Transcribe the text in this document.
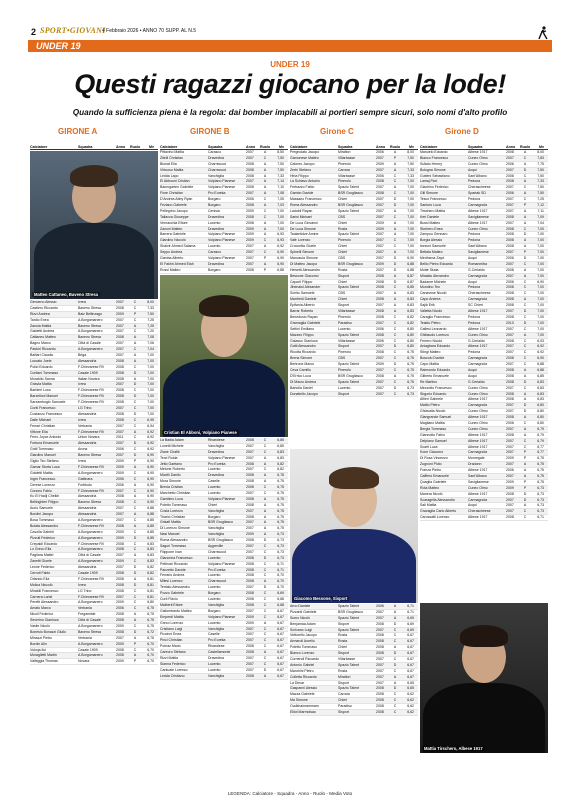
2 SPORT•GIOVANI
4 Febbraio 2026 • ANNO 70 SUPP. AL N.5
UNDER 19
UNDER 19
Questi ragazzi giocano per la lode!
Quando la sufficienza piena è la regola: dai bomber implacabili ai portieri sempre sicuri, solo nomi d'alto profilo
GIRONE A	GIRONE B	Girone C	Girone D
Calciatore	Squadra	Anno	Ruolo	Mv
Matteo Cattaneo, Baveno Stresa
Genoeno Alessio	Ivrea	2007	C	8,00
Castiero Riccardo	Baveno Stresa	2008	C	7,33
Rizzi Andrea	Baiz Bellinzago	2009	P	7,50
Tardio Enea	A.Borgomanero	2007	C	7,25
Zanoia Mattia	Baveno Stresa	2007	A	7,25
Gaidetti Andrea	A.Borgomanero	2007	C	7,20
Cattaneo Matteo	Baveno Stresa	2008	A	7,08
Bagno Marco	Città di Casale	2007	A	7,06
Pastori Riccardo	A.Borgomanero	2007	C	7,04
Balliari Claudio	Briga	2007	A	7,00
Luccato Joele	Alessandria	2008	A	7,00
Polizi Edoardo	F.Chievarese RV	2008	C	7,00
Cortiani Tommaso	Casale 1909	2008	D	7,00
Morabito Sanna	Italian Novara	2008	A	7,00
Griavia Mattia	Ivrea	2007	D	7,00
Barbieri Luca	F.Chievarese RV	2008	C	7,00
Barzelloni Manuel	F.Chievarese RV	2008	D	7,00
Sarzamboglo Samuele	F.Chievarese RV	2008	C	7,00
Conti Francesco	LG Trino	2007	C	7,00
Costanzo Francesco	Alessandria	2008	D	7,00
Dalle Michael	Ivrea	2008	C	6,95
Ferrari Christian	Verbania	2007	C	6,94
Vittone Elia	F.Chievarese RV	2007	A	6,92
Ferro Joyce Antonio	Union Novara	2011	C	6,92
Fortuna Emanuele	Alessandria	2007	D	6,92
Gotti Tommaso	Arona	2006	C	6,92
Giardino Manuel	Baveno Stresa	2007	D	6,90
Giglio Teo Stefano	Ivrea	2009	P	6,90
Gamar Storta Luca	F.Chievarese RV	2009	A	6,90
Guidetti Mattia	A.Borgomanero	2009	C	6,90
Ingrò Francesco	Gattinara	2006	C	6,90
Cerese Lorenzo	Fortitudo	2006	A	6,90
Conceo Fabio	F.Chievarese RV	2007	C	6,90
Ku El Hadji Cheikh	Alessandria	2008	A	6,90
Bellinghieri Filippo	Baveno Stresa	2008	C	6,90
Aurio Samuele	Alessandria	2007	C	6,88
Bordini Jacopo	Alessandria	2007	A	6,88
Bosa Tommaso	A.Borgomanero	2007	C	6,85
Bulata Alessandro	F.Chievarese RV	2008	A	6,85
Cavolla Gabriel	A.Borgomanero	2009	C	6,85
Pizzuti Federico	A.Borgomanero	2009	D	6,85
Crepaldi Edoardo	F.Chievarese RV	2008	C	6,83
Lo Greco Elia	A.Borgomanero	2008	C	6,83
Pagliara Mattei	Città di Casale	2007	A	6,83
Zanetti Gioele	A.Borgomanero	2009	C	6,83
Leone Federico	Alessandria	2007	D	6,82
Cerruti Fabio	Casale 1909	2008	D	6,82
Orlando Elia	F.Chievarese RV	2008	A	6,81
Molica Niccolò	Ivrea	2008	D	6,81
Mirabili Francesco	LG Trino	2008	C	6,81
Carnera Lorist	F.Chievarese RV	2007	C	6,81
Peretti Alessandro	A.Borgomanero	2009	C	6,80
Amato Marco	Verbania	2006	C	6,75
Nicoli Federico	Fregamiste	2008	A	6,75
Severino Gianluca	Città di Casale	2008	A	6,75
Vasile Nicolò	A.Borgomanero	2009	C	6,75
Bonesio Bonazzi Giulio	Baveno Stresa	2008	D	6,72
Minazzi Pietro	Verbania	2007	A	6,75
Bordin Alin	A.Borgomanero	2009	P	6,70
Vukoja Ilui	Casale 1909	2008	C	6,70
Moraglietti Martin	A.Borgomanero	2008	A	6,70
Valleggia Thomas	Novara	2009	P	6,70
Calciatore	Squadra	Anno	Ruolo	Mv
Pittavino Mattia	Carasco	2007	A	8,50
Zitelli Christian	Dravedina	2007	C	7,50
Bionat Elia	Charnwood	2008	A	7,50
Virtuoso Mattia	Charnwood	2008	A	7,50
Ledda Lapo	Vanchiglia	2008	A	7,33
El Abbouni Cristian	Volpiano Pianese	2007	A	7,14
Baumgarten Gabriele	Volpiano Pianese	2008	A	7,10
Fiore Christian	Pro Eureka	2007	A	7,08
D'Andrea Abby Ryan	Borgaro	2006	C	7,05
Feziano Gabriele	Borgaro	2008	A	7,03
Pellegrino Jacopo	Cenisia	2009	C	7,00
Taliacca Giuseppe	Dravedina	2008	C	7,00
Vernacchia Ettore	Lucento	2008	A	7,00
Zanoni Matteo	Dravedina	2009	A	7,00
Barrera Gabriele	Volpiano Pianese	2009	A	6,93
Giardino Niccolò	Volpiano Pianese	2009	C	6,93
Shalvir Ahmed Salama	Lucento	2007	A	6,92
Seppo Andrea	Carasco	2007	C	6,90
Gamba Alberto	Volpiano Pianese	2007	P	6,90
El Fakhri Ahmed Elah	Dravedina	2007	A	6,90
Rossi Matteo	Borgaro	2008	P	6,88
Cristian El Abboni, Volpiano Pianese
La Badia Adam	Rivarolese	2008	C	6,85
Lonetti Michele	Vanchiglia	2007	C	6,85
Ziane Chafik	Dravedina	2007	C	6,83
Terzi Rolda	Volpiano Pianese	2007	A	6,83
Jetto Gaetano	Pro Eureka	2008	A	6,82
Melone Roberto	Lucento	2007	C	6,82
Micelli Danilo	Dravedina	2008	A	6,78
Mora Simone	Caselle	2008	A	6,75
Brecia Cristian	Lucento	2008	C	6,75
Marchetto Christian	Lucento	2007	C	6,75
Gambino Luca	Volpiano Pianese	2008	A	6,75
Poletto Tommaso	Chieri	2008	A	6,75
Costa Lorenzo	Vanchiglia	2007	A	6,75
Triarici Christian	Borgaro	2008	A	6,75
Grisafi Mattia	BSR Grugliasco	2007	A	6,75
Di Lorenzo Simone	Vanchiglia	2007	A	6,75
Nasi Manuel	Vanchiglia	2009	A	6,73
Roma Alessandro	BSR Grugliasco	2008	D	6,73
Saguri Tommaso	Aygreville	2007	C	6,73
Filippone Ivan	Charnwood	2007	C	6,73
Gianonna Francesco	Lucento	2008	D	6,73
Pettinari Riccardo	Volpiano Pianese	2008	C	6,71
Panzetto Davide	Pro Eureka	2008	C	6,71
Ferrario Andrea	Lucento	2008	C	6,70
Milesi Lorenzo	Charnwood	2008	A	6,70
Tentato Alessandro	Lucento	2007	D	6,70
Pozzo Gabriele	Borgaro	2008	C	6,69
Curti Flavio	Lucento	2008	C	6,68
Malberti Ettore	Vanchiglia	2008	C	6,68
Gallombardo Matteo	Borgaro	2007	C	6,67
Emperdi Mattia	Volpiano Pianese	2009	C	6,67
Greco Lorenzo	Lucento	2009	A	6,67
Cristiano Luigi	Vanchiglia	2007	C	6,67
Piccinni Enea	Caselle	2007	C	6,67
Pinci Christian	Pro Eureka	2007	C	6,67
Pomaz Mario	Rivarolese	2008	C	6,67
Careoro Stefano	Castellamonte	2008	A	6,67
Rizzi Mattia	Dravedina	2007	C	6,67
Sianna Federico	Lucento	2007	C	6,67
Cantuale Lorenzo	Lucento	2007	D	6,67
Ledda Cristiano	Vanchiglia	2008	A	6,67
Calciatore	Squadra	Anno	Ruolo	Mv
Pregnolato Jacopo	Mirafiori	2006	A	8,00
Gamonese Matteo	Villarbasse	2007	P	7,50
Caloreo Jacopo	Pinerolo	2009	A	7,50
Zerbi Stefano	Carrara	2007	A	7,33
Hirta Filippo	Villarbasse	2006	C	7,33
La Schiavo Antonio	Pinerolo	2008	C	7,00
Ferbazzo Fabio	Spazio Talent	2007	A	7,00
Gambo Davide	BSR Grugliasco	2008	C	7,00
Massano Francesco	Chieri	2007	D	7,00
Roma Alessandro	BSR Grugliasco	2007	D	7,00
Ladubli Rayan	Spazio Talent	2007	A	7,00
Sarisi Michael	CBS	2007	C	7,00
De Luca Giovanni	Chieri	2009	A	7,00
De Luca Simone	Rosta	2009	A	7,00
Taulantidze Amine	Spazio Talent	2007	A	7,00
Valè Lorenzo	Pinerolo	2007	C	7,00
Croccetta Gioele	Chieri	2007	C	7,00
Spinelli Simone	Chieri	2007	A	7,00
Manuscia Simone	CBS	2007	D	6,90
Di Matteo Jacopo	BSR Grugliasco	2009	D	6,88
Helsetti Alessandro	Rosta	2007	D	6,88
Bessone Giacomo	Sisport	2008	A	6,87
Caporil Filippo	Chieri	2008	D	6,87
Jihenaiul Alexander	Spazio Talent	2008	C	6,85
Schito Samuele	CBS	2007	A	6,83
Manfredi Daniele	Chieri	2008	A	6,83
Epifania Alberto	Sisport	2007	A	6,83
Barrar Roberto	Villarbasse	2008	A	6,83
Benedusio Rayan	Pinerolo	2008	C	6,82
Gramaglia Gabriele	Paradiso	2007	C	6,82
Settini Emiliano	Lucento	2006	C	6,80
Mazzeo Filippo	Spazio Talent	2008	C	6,80
Galasso Gianluca	Villarbasse	2006	C	6,80
Gotti Alessandro	Sisport	2007	D	6,80
Ricotta Riccardo	Pinerolo	2008	C	6,75
Brena Simone	CBS	2007	C	6,75
Bertrone Marco	Spazio Talent	2009	D	6,75
Ceva Camillo	Pinerolo	2007	C	6,75
D'Errico Luca	BSR Grugliasco	2008	A	6,75
Di Marzo Andrea	Spazio Talent	2007	C	6,75
Bartolla Daniel	Lucento	2007	D	6,73
Donatiello Jacopo	Sisport	2007	C	6,73
Giacomo Bessone, Sisport
Arno Daniele	Spazio Talent	2006	A	6,71
Pizzanti Gabriele	BSR Grugliasco	2007	A	6,71
Sumo Nicolò	Spazio Talent	2007	A	6,69
Benjamaa Adam	Sisport	2008	D	6,69
Scrivano Luigi	Spazio Talent	2007	C	6,69
Vettorello Jacopo	Rosta	2008	C	6,67
Armaroli Aurelio	Rosta	2008	C	6,67
Poletto Tommaso	Chieri	2008	A	6,67
Bianco Lorenzo	Sisport	2008	D	6,67
Cornendi Riccardo	Villarbasse	2007	C	6,67
Antonio Gabriel	Spazio Talent	2007	D	6,67
Mandrini Pietro	Rosta	2007	C	6,67
Colletta Riccardo	Mirafiori	2007	A	6,67
La Dimar	Sisport	2007	A	6,65
Gaspanni Alessio	Spazio Talent	2008	D	6,65
Mazza Gabriele	Carrara	2008	C	6,62
Ma Simone	Chieri	2008	C	6,62
Oudkhainrammam	Paradiso	2008	C	6,62
Elliot Marmolsao	Sisport	2008	C	6,62
Calciatore	Squadra	Anno	Ruolo	Mv
Manuelo Edoardo	Albese 1917	2008	A	8,00
Bianco Francesco	Cuneo Olmo	2007	C	7,83
Sultalo Henrry	Cuneo Olmo	2006	A	7,75
Bologna Simone	Acqui	2007	D	7,50
Gutteni Sebastiano	Sant'Albano	2006	C	7,50
Lamaj Flori	Pedona	2008	A	7,33
Giachino Federico	Cherascheese	2007	C	7,50
Gill Simone	Spartak SD	2006	A	7,50
Tesco Francesco	Pedona	2007	C	7,25
Santoro Luca	Carmagnola	2007	P	7,12
Tirschero Mattia	Albese 1917	2007	A	7,11
Keri Daniele	Savigliamese	2008	A	7,09
Bussi Matteo	Albese 1917	2007	A	7,04
Storbero Enea	Cuneo Olmo	2008	C	7,00
Zampou Gennaro	Pedona	2008	D	7,00
Borgia Alessio	Pedona	2008	A	7,00
Iezzuni Samuele	Sant'Albano	2008	A	7,00
Bettala Matteo	Savigliamese	2007	P	7,00
Medhsma Zayd	Acqui	2006	D	7,00
Bellio Pietro Edoardo	Romanmitra	2007	C	7,00
Motte Skala	G.Cerialdo	2008	A	7,00
Minaldo Alexandru	Carmagnola	2007	A	7,00
Badame Michele	Acqui	2006	C	6,90
Mondino Teo	Pedona	2008	C	7,00
Canavese Nicolò	Cherascheese	2008	C	7,00
Capo Andrea	Carmagnola	2008	A	7,00
Sajib Erik	SC Chieri	2008	C	7,00
Valletta Nicolò	Albese 1917	2007	D	7,00
Caraglio Francesco	Pedona	2008	C	7,00
Tealdo Pietro	Pedona	2010	D	7,00
Gallesi Leonardo	Albese 1917	2007	C	7,00
Ghibaudo Lorenzo	Cuneo Olmo	2007	A	7,00
Ferrero Nicolò	G.Cerialdo	2008	C	6,93
Aniagbara Edoardo	Albese 1917	2007	C	6,92
Stingi Matteo	Pedona	2007	C	6,92
Boscolo Davide	Carmagnola	2008	C	6,90
Capo Mattia	Carmagnola	2007	C	6,88
Raimondo Edoardo	Acqui	2008	A	6,88
Gilberto Emanuele	Acqui	2008	A	6,85
Re Martino	G.Cerialdo	2008	D	6,83
Mezzotto Francesco	Cuneo Olmo	2007	C	6,83
Sbgorlo Edoardo	Cuneo Olmo	2008	A	6,83
Alfieri Gabriele	Albese 1917	2008	A	6,83
Mattio Pietro	Carmagnola	2007	D	6,80
Ghiavalla Nicolò	Cuneo Olmo	2007	D	6,80
Giangrande Samuel	Albese 1917	2008	A	6,80
Magliano Mattia	Cuneo Olmo	2006	C	6,80
Bergia Tommaso	Cuneo Olmo	2007	A	6,79
Giannotto Fabio	Albese 1917	2008	A	6,79
Delpiano Samuel	Albese 1917	2007	C	6,79
Scarfi Luca	Albese 1917	2007	C	6,77
Kone Giacomo	Carmagnola	2007	P	6,77
Di Rosa Vincenzo	Monregale	2009	P	6,75
Zugnoni Pluto	Dradonn	2007	A	6,75
Franza Pietro	Albese 1917	2006	A	6,75
Caffiero Emanuele	Sant'Albano	2007	A	6,75
Quaglia Gabriele	Savigliamese	2009	P	6,75
Rota Matteo	Cuneo Olmo	2009	P	6,73
Manera Nicolò	Albese 1917	2008	D	6,73
Scaragella Alessandro	Carmagnola	2007	D	6,73
Sali Mattia	Acqui	2007	A	6,73
Gravaglia Carlo Alberto	Cherascheese	2007	C	6,73
Carossatti Lorenzo	Albese 1917	2008	C	6,71
Mattia Tirschero, Albese 1917
LEGENDA: Calciatore - Squadra - Anno - Ruolo - Media Voto
